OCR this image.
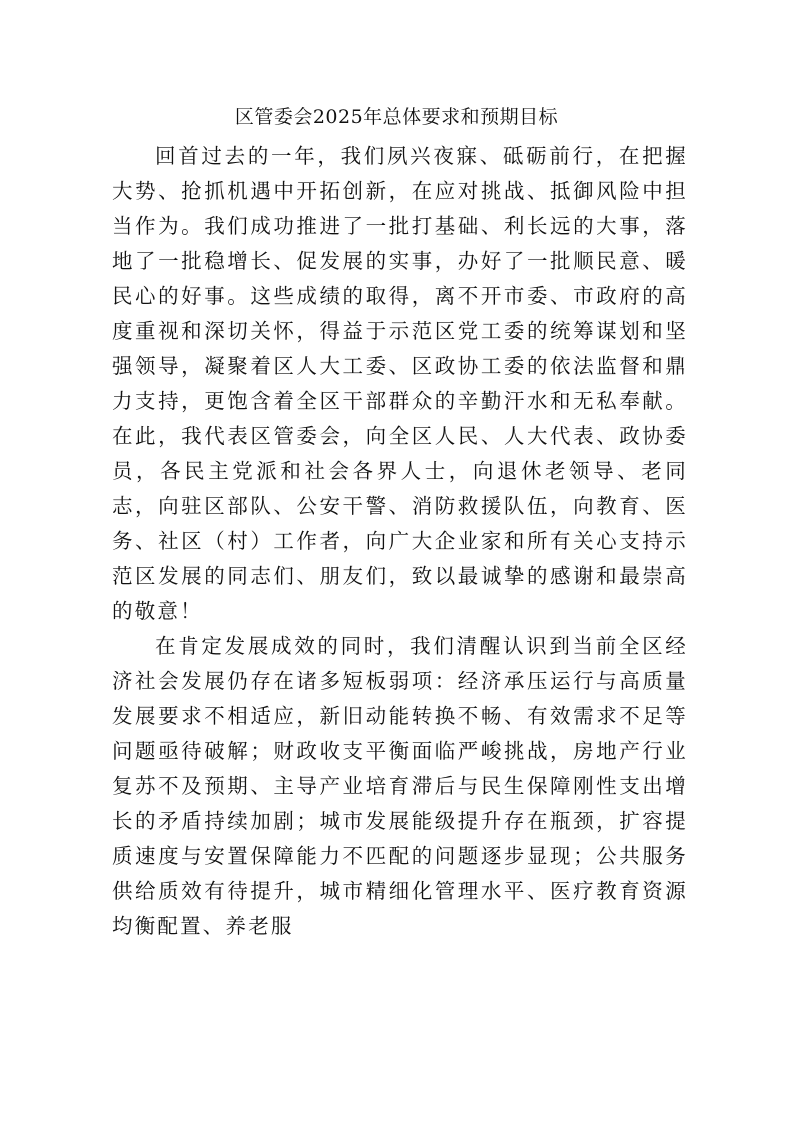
区管委会2025年总体要求和预期目标

回首过去的一年，我们夙兴夜寐、砥砺前行，在把握大势、抢抓机遇中开拓创新，在应对挑战、抵御风险中担当作为。我们成功推进了一批打基础、利长远的大事，落地了一批稳增长、促发展的实事，办好了一批顺民意、暖民心的好事。这些成绩的取得，离不开市委、市政府的高度重视和深切关怀，得益于示范区党工委的统筹谋划和坚强领导，凝聚着区人大工委、区政协工委的依法监督和鼎力支持，更饱含着全区干部群众的辛勤汗水和无私奉献。在此，我代表区管委会，向全区人民、人大代表、政协委员，各民主党派和社会各界人士，向退休老领导、老同志，向驻区部队、公安干警、消防救援队伍，向教育、医务、社区（村）工作者，向广大企业家和所有关心支持示范区发展的同志们、朋友们，致以最诚挚的感谢和最崇高的敬意！

在肯定发展成效的同时，我们清醒认识到当前全区经济社会发展仍存在诸多短板弱项：经济承压运行与高质量发展要求不相适应，新旧动能转换不畅、有效需求不足等问题亟待破解；财政收支平衡面临严峻挑战，房地产行业复苏不及预期、主导产业培育滞后与民生保障刚性支出增长的矛盾持续加剧；城市发展能级提升存在瓶颈，扩容提质速度与安置保障能力不匹配的问题逐步显现；公共服务供给质效有待提升，城市精细化管理水平、医疗教育资源均衡配置、养老服
